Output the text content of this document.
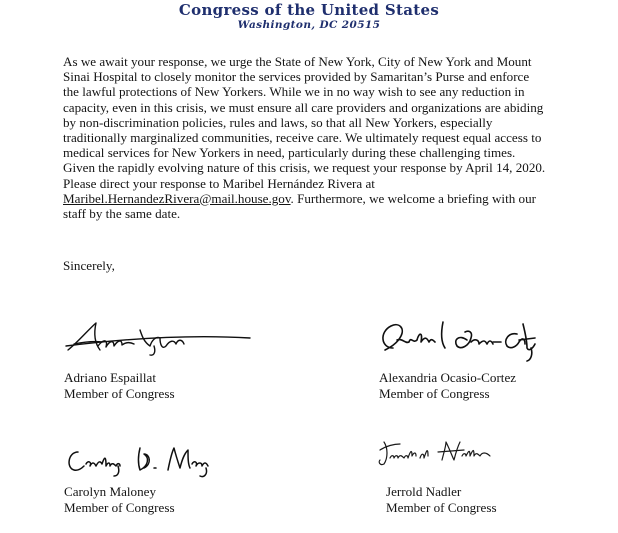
Congress of the United States
Washington, DC 20515

As we await your response, we urge the State of New York, City of New York and Mount
Sinai Hospital to closely monitor the services provided by Samaritan’s Purse and enforce
the lawful protections of New Yorkers. While we in no way wish to see any reduction in
capacity, even in this crisis, we must ensure all care providers and organizations are abiding
by non-discrimination policies, rules and laws, so that all New Yorkers, especially
traditionally marginalized communities, receive care. We ultimately request equal access to
medical services for New Yorkers in need, particularly during these challenging times.
Given the rapidly evolving nature of this crisis, we request your response by April 14, 2020.
Please direct your response to Maribel Hernández Rivera at
Maribel.HernandezRivera@mail.house.gov. Furthermore, we welcome a briefing with our
staff by the same date.

Sincerely,

Adriano Espaillat
Member of Congress
Alexandria Ocasio-Cortez
Member of Congress
Carolyn Maloney
Member of Congress
Jerrold Nadler
Member of Congress
